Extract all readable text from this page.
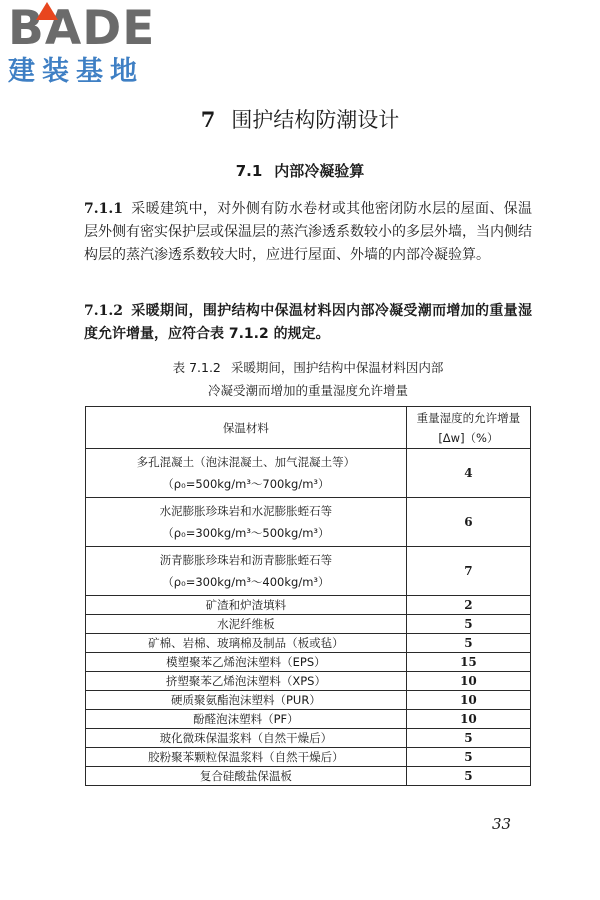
BADE
建装基地
7 围护结构防潮设计
7.1 内部冷凝验算
7.1.1 采暖建筑中，对外侧有防水卷材或其他密闭防水层的屋面、保温层外侧有密实保护层或保温层的蒸汽渗透系数较小的多层外墙，当内侧结构层的蒸汽渗透系数较大时，应进行屋面、外墙的内部冷凝验算。
7.1.2 采暖期间，围护结构中保温材料因内部冷凝受潮而增加的重量湿度允许增量，应符合表 7.1.2 的规定。
表 7.1.2 采暖期间，围护结构中保温材料因内部
冷凝受潮而增加的重量湿度允许增量
保温材料	重量湿度的允许增量
[Δw]（%）

多孔混凝土（泡沫混凝土、加气混凝土等）
（ρ₀=500kg/m³～700kg/m³）	4

水泥膨胀珍珠岩和水泥膨胀蛭石等
（ρ₀=300kg/m³～500kg/m³）	6

沥青膨胀珍珠岩和沥青膨胀蛭石等
（ρ₀=300kg/m³～400kg/m³）	7
矿渣和炉渣填料	2
水泥纤维板	5
矿棉、岩棉、玻璃棉及制品（板或毡）	5
模塑聚苯乙烯泡沫塑料（EPS）	15
挤塑聚苯乙烯泡沫塑料（XPS）	10
硬质聚氨酯泡沫塑料（PUR）	10
酚醛泡沫塑料（PF）	10
玻化微珠保温浆料（自然干燥后）	5
胶粉聚苯颗粒保温浆料（自然干燥后）	5
复合硅酸盐保温板	5
33
